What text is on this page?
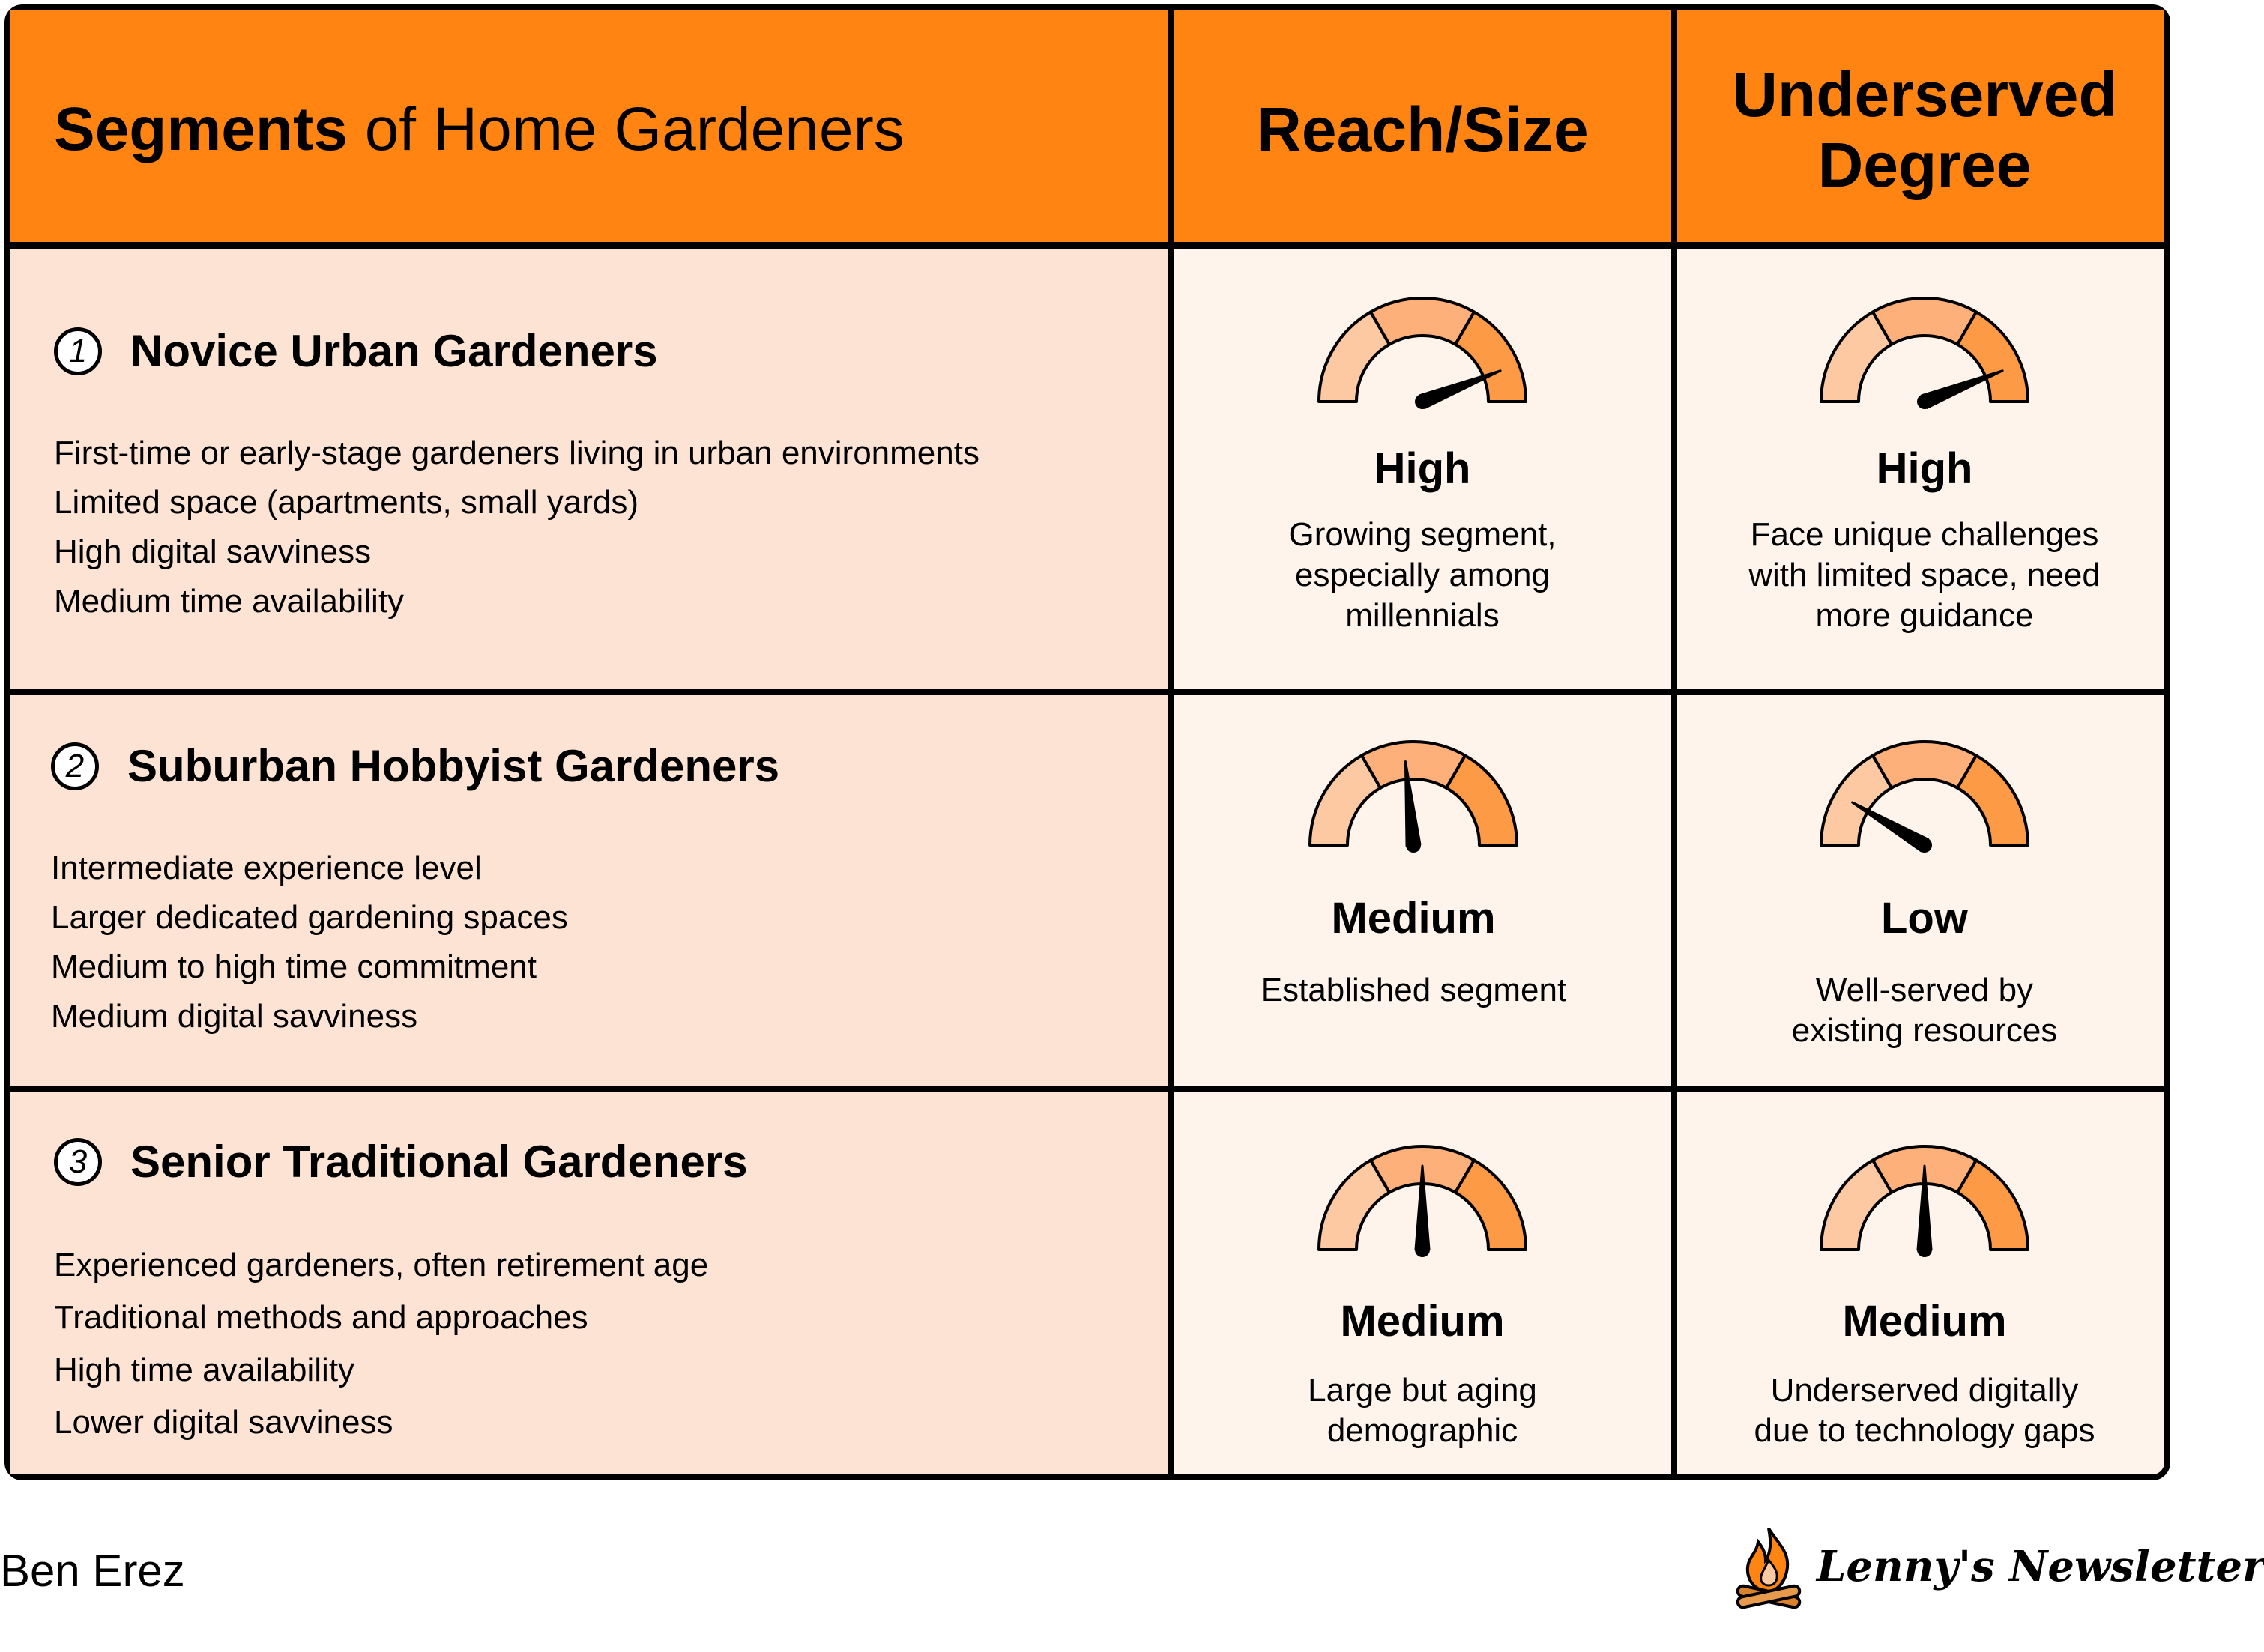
Segments of Home Gardeners	Reach/Size Underserved
Degree
1 Novice Urban Gardeners
First-time or early-stage gardeners living in urban environments
Limited space (apartments, small yards)
High digital savviness
Medium time availability
High
Growing segment,
especially among
millennials
High
Face unique challenges
with limited space, need
more guidance
2 Suburban Hobbyist Gardeners
Intermediate experience level
Larger dedicated gardening spaces
Medium to high time commitment
Medium digital savviness
Medium
Established segment
Low
Well-served by
existing resources
3 Senior Traditional Gardeners
Experienced gardeners, often retirement age
Traditional methods and approaches
High time availability
Lower digital savviness
Medium
Large but aging
demographic
Medium
Underserved digitally
due to technology gaps
Ben Erez	Lenny's Newsletter
